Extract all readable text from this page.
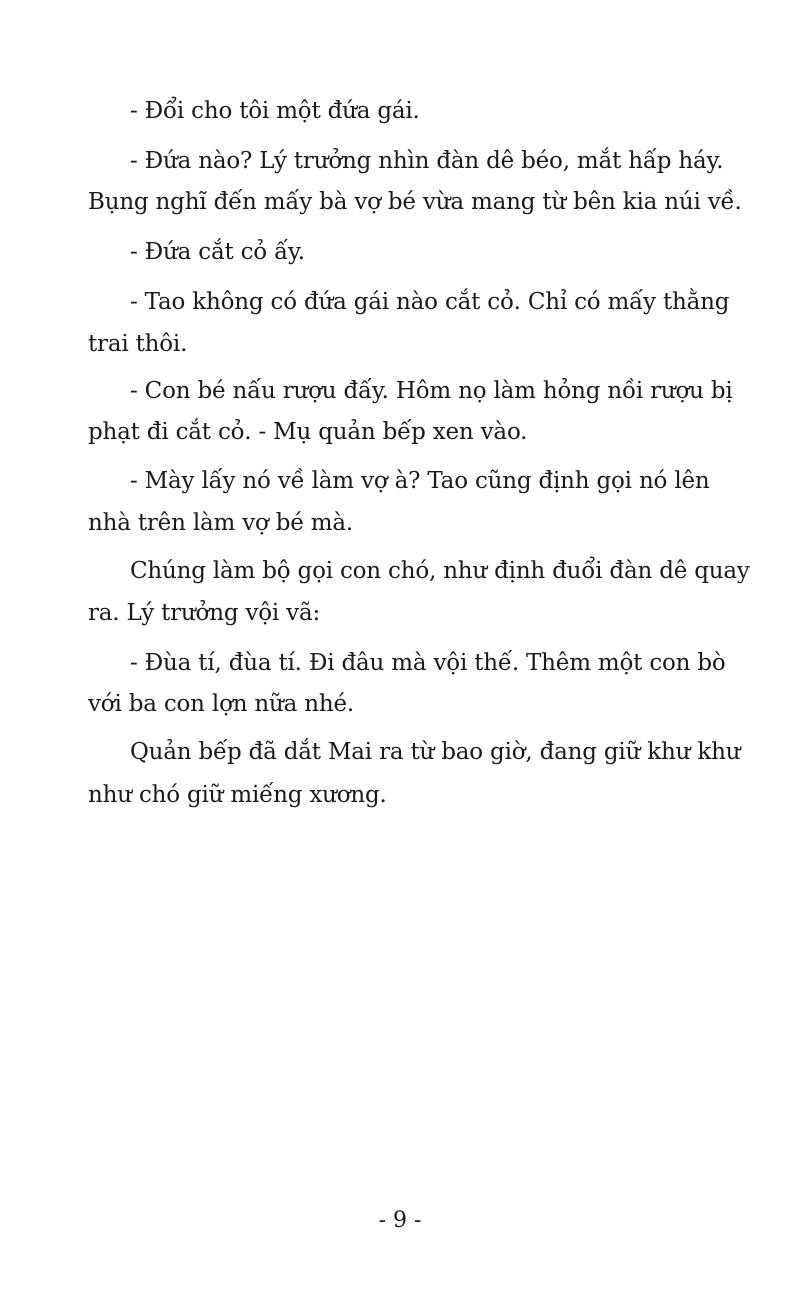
- Đổi cho tôi một đứa gái.

- Đứa nào? Lý trưởng nhìn đàn dê béo, mắt hấp háy.

Bụng nghĩ đến mấy bà vợ bé vừa mang từ bên kia núi về.

- Đứa cắt cỏ ấy.

- Tao không có đứa gái nào cắt cỏ. Chỉ có mấy thằng

trai thôi.

- Con bé nấu rượu đấy. Hôm nọ làm hỏng nồi rượu bị

phạt đi cắt cỏ. - Mụ quản bếp xen vào.

- Mày lấy nó về làm vợ à? Tao cũng định gọi nó lên

nhà trên làm vợ bé mà.

Chúng làm bộ gọi con chó, như định đuổi đàn dê quay

ra. Lý trưởng vội vã:

- Đùa tí, đùa tí. Đi đâu mà vội thế. Thêm một con bò

với ba con lợn nữa nhé.

Quản bếp đã dắt Mai ra từ bao giờ, đang giữ khư khư

như chó giữ miếng xương.

- 9 -
